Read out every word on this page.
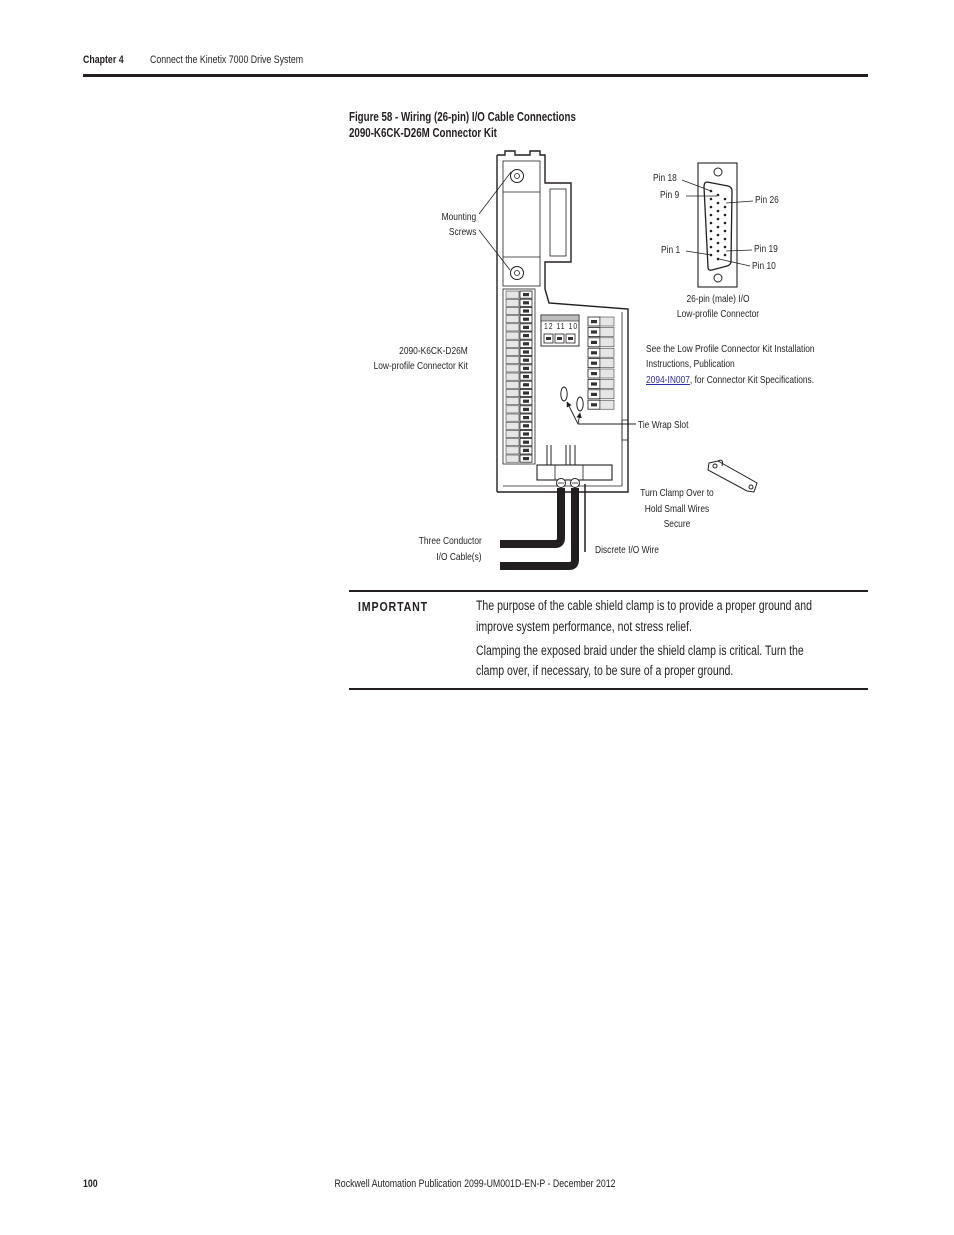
Chapter 4 Connect the Kinetix 7000 Drive System
Figure 58 - Wiring (26-pin) I/O Cable Connections
2090-K6CK-D26M Connector Kit
Mounting
Screws
2090-K6CK-D26M
Low-profile Connector Kit
Three Conductor
I/O Cable(s)
Discrete I/O Wire
Tie Wrap Slot
Turn Clamp Over to
Hold Small Wires
Secure
See the Low Profile Connector Kit Installation
Instructions, Publication
2094-IN007, for Connector Kit Specifications.
26-pin (male) I/O
Low-profile Connector
Pin 18
Pin 9	Pin 26
Pin 1	Pin 19
Pin 10
12 11 10
IMPORTANT	The purpose of the cable shield clamp is to provide a proper ground and
improve system performance, not stress relief.
Clamping the exposed braid under the shield clamp is critical. Turn the
clamp over, if necessary, to be sure of a proper ground.
100	Rockwell Automation Publication 2099-UM001D-EN-P - December 2012
